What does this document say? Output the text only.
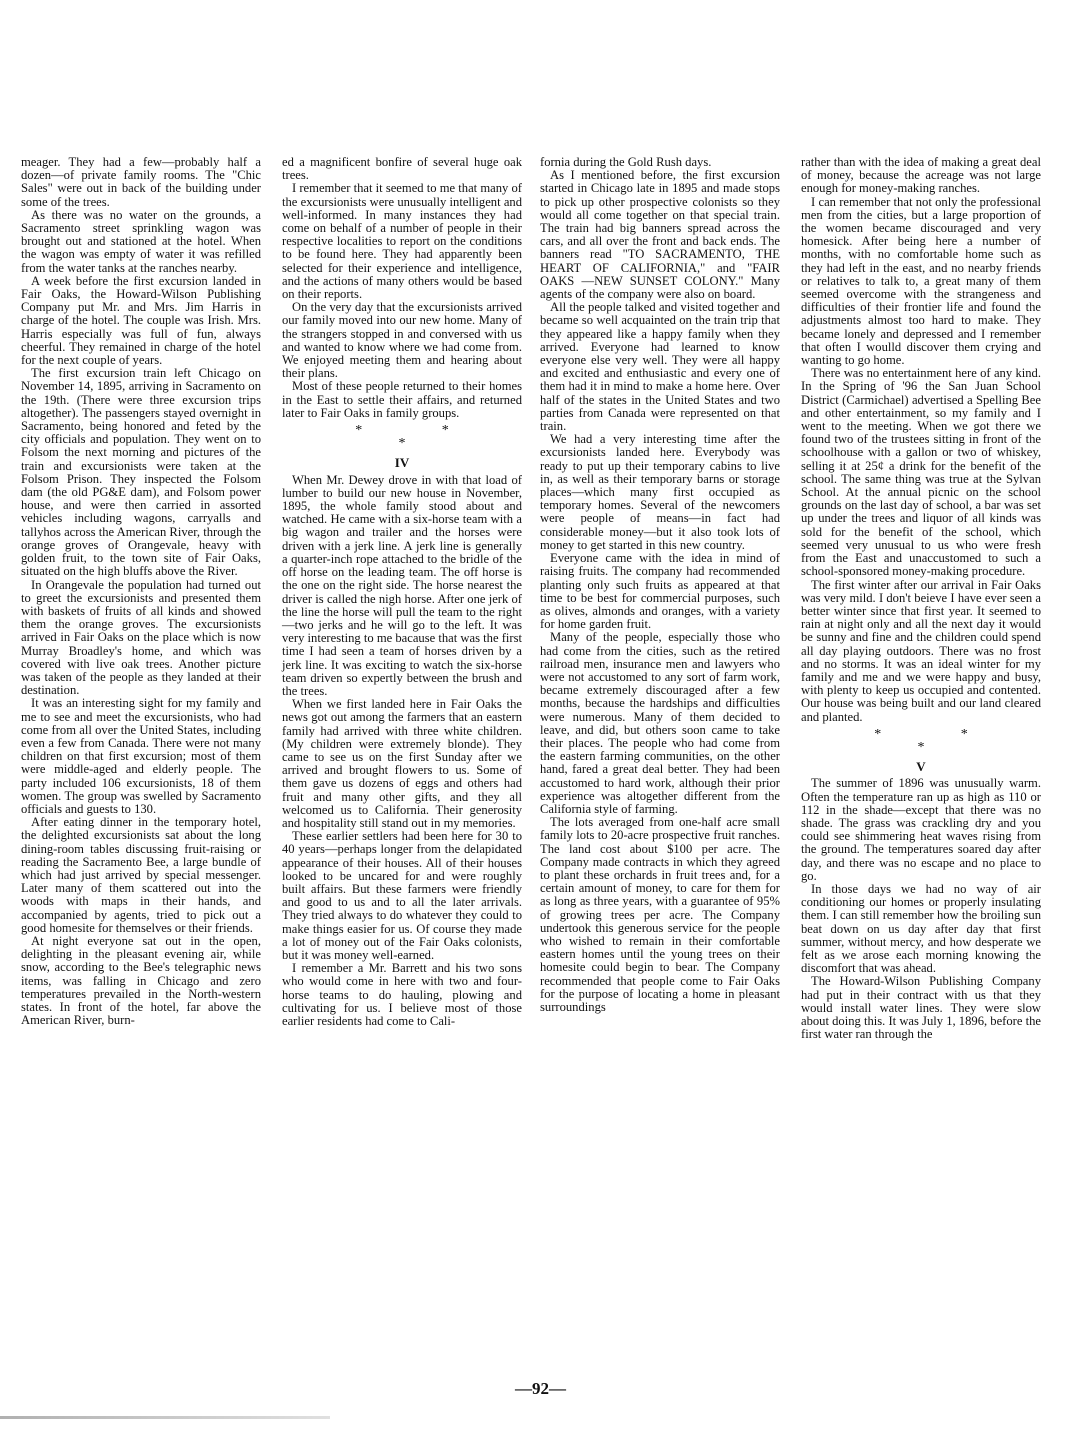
meager. They had a few—probably half a dozen—of private family rooms. The "Chic Sales" were out in back of the building under some of the trees.

As there was no water on the grounds, a Sacramento street sprinkling wagon was brought out and stationed at the hotel. When the wagon was empty of water it was refilled from the water tanks at the ranches nearby.

A week before the first excursion landed in Fair Oaks, the Howard-Wilson Publishing Company put Mr. and Mrs. Jim Harris in charge of the hotel. The couple was Irish. Mrs. Harris especially was full of fun, always cheerful. They remained in charge of the hotel for the next couple of years.

The first excursion train left Chicago on November 14, 1895, arriving in Sacramento on the 19th. (There were three excursion trips altogether). The passengers stayed overnight in Sacramento, being honored and feted by the city officials and population. They went on to Folsom the next morning and pictures of the train and excursionists were taken at the Folsom Prison. They inspected the Folsom dam (the old PG&E dam), and Folsom power house, and were then carried in assorted vehicles including wagons, carryalls and tallyhos across the American River, through the orange groves of Orangevale, heavy with golden fruit, to the town site of Fair Oaks, situated on the high bluffs above the River.

In Orangevale the population had turned out to greet the excursionists and presented them with baskets of fruits of all kinds and showed them the orange groves. The excursionists arrived in Fair Oaks on the place which is now Murray Broadley's home, and which was covered with live oak trees. Another picture was taken of the people as they landed at their destination.

It was an interesting sight for my family and me to see and meet the excursionists, who had come from all over the United States, including even a few from Canada. There were not many children on that first excursion; most of them were middle-aged and elderly people. The party included 106 excursionists, 18 of them women. The group was swelled by Sacramento officials and guests to 130.

After eating dinner in the temporary hotel, the delighted excursionists sat about the long dining-room tables discussing fruit-raising or reading the Sacramento Bee, a large bundle of which had just arrived by special messenger. Later many of them scattered out into the woods with maps in their hands, and accompanied by agents, tried to pick out a good homesite for themselves or their friends.

At night everyone sat out in the open, delighting in the pleasant evening air, while snow, according to the Bee's telegraphic news items, was falling in Chicago and zero temperatures prevailed in the North-western states. In front of the hotel, far above the American River, burn-

ed a magnificent bonfire of several huge oak trees.

I remember that it seemed to me that many of the excursionists were unusually intelligent and well-informed. In many instances they had come on behalf of a number of people in their respective localities to report on the conditions to be found here. They had apparently been selected for their experience and intelligence, and the actions of many others would be based on their reports.

On the very day that the excursionists arrived our family moved into our new home. Many of the strangers stopped in and conversed with us and wanted to know where we had come from. We enjoyed meeting them and hearing about their plans.

Most of these people returned to their homes in the East to settle their affairs, and returned later to Fair Oaks in family groups.

* * *
IV

When Mr. Dewey drove in with that load of lumber to build our new house in November, 1895, the whole family stood about and watched. He came with a six-horse team with a big wagon and trailer and the horses were driven with a jerk line. A jerk line is generally a quarter-inch rope attached to the bridle of the off horse on the leading team. The off horse is the one on the right side. The horse nearest the driver is called the nigh horse. After one jerk of the line the horse will pull the team to the right—two jerks and he will go to the left. It was very interesting to me bacause that was the first time I had seen a team of horses driven by a jerk line. It was exciting to watch the six-horse team driven so expertly between the brush and the trees.

When we first landed here in Fair Oaks the news got out among the farmers that an eastern family had arrived with three white children. (My children were extremely blonde). They came to see us on the first Sunday after we arrived and brought flowers to us. Some of them gave us dozens of eggs and others had fruit and many other gifts, and they all welcomed us to California. Their generosity and hospitality still stand out in my memories.

These earlier settlers had been here for 30 to 40 years—perhaps longer from the delapidated appearance of their houses. All of their houses looked to be uncared for and were roughly built affairs. But these farmers were friendly and good to us and to all the later arrivals. They tried always to do whatever they could to make things easier for us. Of course they made a lot of money out of the Fair Oaks colonists, but it was money well-earned.

I remember a Mr. Barrett and his two sons who would come in here with two and four-horse teams to do hauling, plowing and cultivating for us. I believe most of those earlier residents had come to Cali-

fornia during the Gold Rush days.

As I mentioned before, the first excursion started in Chicago late in 1895 and made stops to pick up other prospective colonists so they would all come together on that special train. The train had big banners spread across the cars, and all over the front and back ends. The banners read "TO SACRAMENTO, THE HEART OF CALIFORNIA," and "FAIR OAKS —NEW SUNSET COLONY." Many agents of the company were also on board.

All the people talked and visited together and became so well acquainted on the train trip that they appeared like a happy family when they arrived. Everyone had learned to know everyone else very well. They were all happy and excited and enthusiastic and every one of them had it in mind to make a home here. Over half of the states in the United States and two parties from Canada were represented on that train.

We had a very interesting time after the excursionists landed here. Everybody was ready to put up their temporary cabins to live in, as well as their temporary barns or storage places—which many first occupied as temporary homes. Several of the newcomers were people of means—in fact had considerable money—but it also took lots of money to get started in this new country.

Everyone came with the idea in mind of raising fruits. The company had recommended planting only such fruits as appeared at that time to be best for commercial purposes, such as olives, almonds and oranges, with a variety for home garden fruit.

Many of the people, especially those who had come from the cities, such as the retired railroad men, insurance men and lawyers who were not accustomed to any sort of farm work, became extremely discouraged after a few months, because the hardships and difficulties were numerous. Many of them decided to leave, and did, but others soon came to take their places. The people who had come from the eastern farming communities, on the other hand, fared a great deal better. They had been accustomed to hard work, although their prior experience was altogether different from the California style of farming.

The lots averaged from one-half acre small family lots to 20-acre prospective fruit ranches. The land cost about $100 per acre. The Company made contracts in which they agreed to plant these orchards in fruit trees and, for a certain amount of money, to care for them for as long as three years, with a guarantee of 95% of growing trees per acre. The Company undertook this generous service for the people who wished to remain in their comfortable eastern homes until the young trees on their homesite could begin to bear. The Company recommended that people come to Fair Oaks for the purpose of locating a home in pleasant surroundings

rather than with the idea of making a great deal of money, because the acreage was not large enough for money-making ranches.

I can remember that not only the professional men from the cities, but a large proportion of the women became discouraged and very homesick. After being here a number of months, with no comfortable home such as they had left in the east, and no nearby friends or relatives to talk to, a great many of them seemed overcome with the strangeness and difficulties of their frontier life and found the adjustments almost too hard to make. They became lonely and depressed and I remember that often I woulld discover them crying and wanting to go home.

There was no entertainment here of any kind. In the Spring of '96 the San Juan School District (Carmichael) advertised a Spelling Bee and other entertainment, so my family and I went to the meeting. When we got there we found two of the trustees sitting in front of the schoolhouse with a gallon or two of whiskey, selling it at 25¢ a drink for the benefit of the school. The same thing was true at the Sylvan School. At the annual picnic on the school grounds on the last day of school, a bar was set up under the trees and liquor of all kinds was sold for the benefit of the school, which seemed very unusual to us who were fresh from the East and unaccustomed to such a school-sponsored money-making procedure.

The first winter after our arrival in Fair Oaks was very mild. I don't beieve I have ever seen a better winter since that first year. It seemed to rain at night only and all the next day it would be sunny and fine and the children could spend all day playing outdoors. There was no frost and no storms. It was an ideal winter for my family and me and we were happy and busy, with plenty to keep us occupied and contented. Our house was being built and our land cleared and planted.

* * *
V

The summer of 1896 was unusually warm. Often the temperature ran up as high as 110 or 112 in the shade—except that there was no shade. The grass was crackling dry and you could see shimmering heat waves rising from the ground. The temperatures soared day after day, and there was no escape and no place to go.

In those days we had no way of air conditioning our homes or properly insulating them. I can still remember how the broiling sun beat down on us day after day that first summer, without mercy, and how desperate we felt as we arose each morning knowing the discomfort that was ahead.

The Howard-Wilson Publishing Company had put in their contract with us that they would install water lines. They were slow about doing this. It was July 1, 1896, before the first water ran through the

—92—
